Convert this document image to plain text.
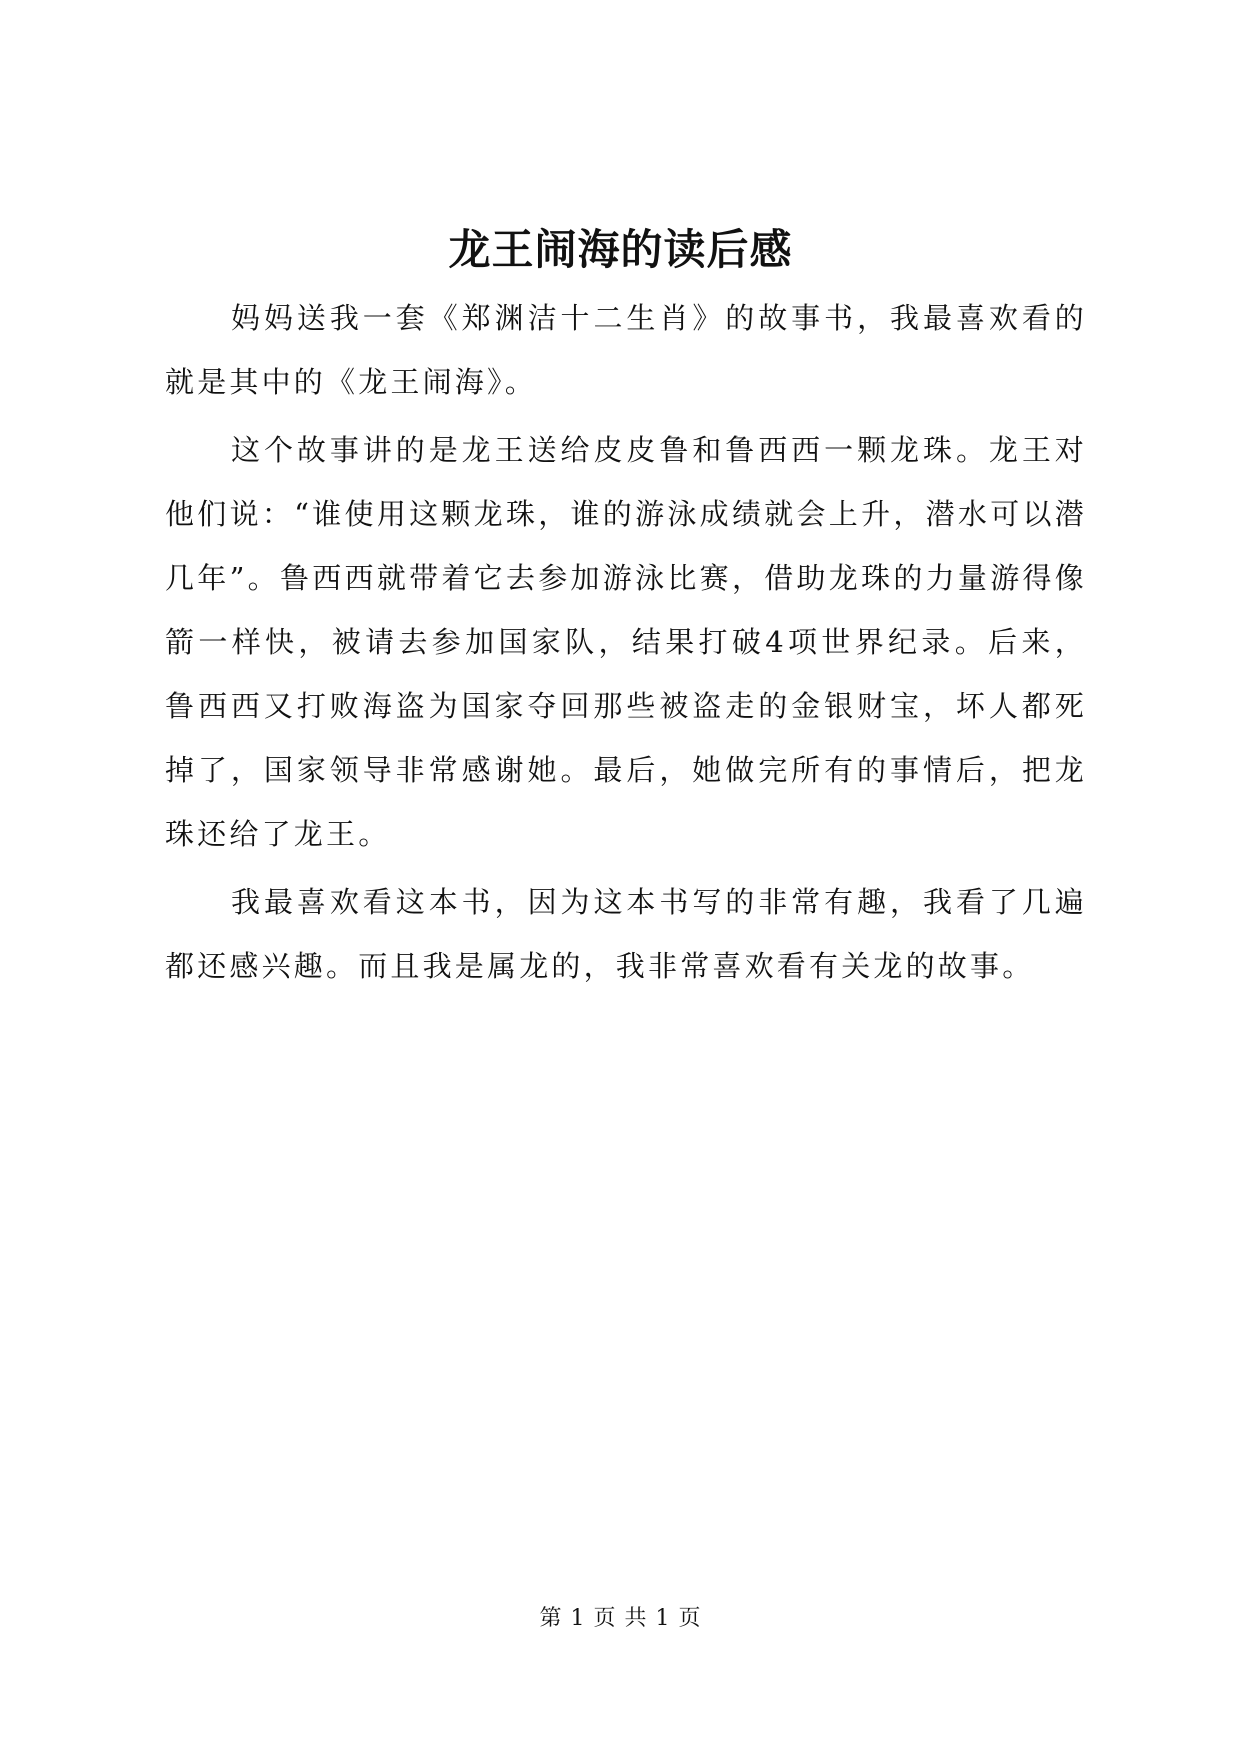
龙王闹海的读后感

妈妈送我一套《郑渊洁十二生肖》的故事书，我最喜欢看的就是其中的《龙王闹海》。

这个故事讲的是龙王送给皮皮鲁和鲁西西一颗龙珠。龙王对他们说：“谁使用这颗龙珠，谁的游泳成绩就会上升，潜水可以潜几年”。鲁西西就带着它去参加游泳比赛，借助龙珠的力量游得像箭一样快，被请去参加国家队，结果打破4项世界纪录。后来，鲁西西又打败海盗为国家夺回那些被盗走的金银财宝，坏人都死掉了，国家领导非常感谢她。最后，她做完所有的事情后，把龙珠还给了龙王。

我最喜欢看这本书，因为这本书写的非常有趣，我看了几遍都还感兴趣。而且我是属龙的，我非常喜欢看有关龙的故事。

第 1 页 共 1 页
